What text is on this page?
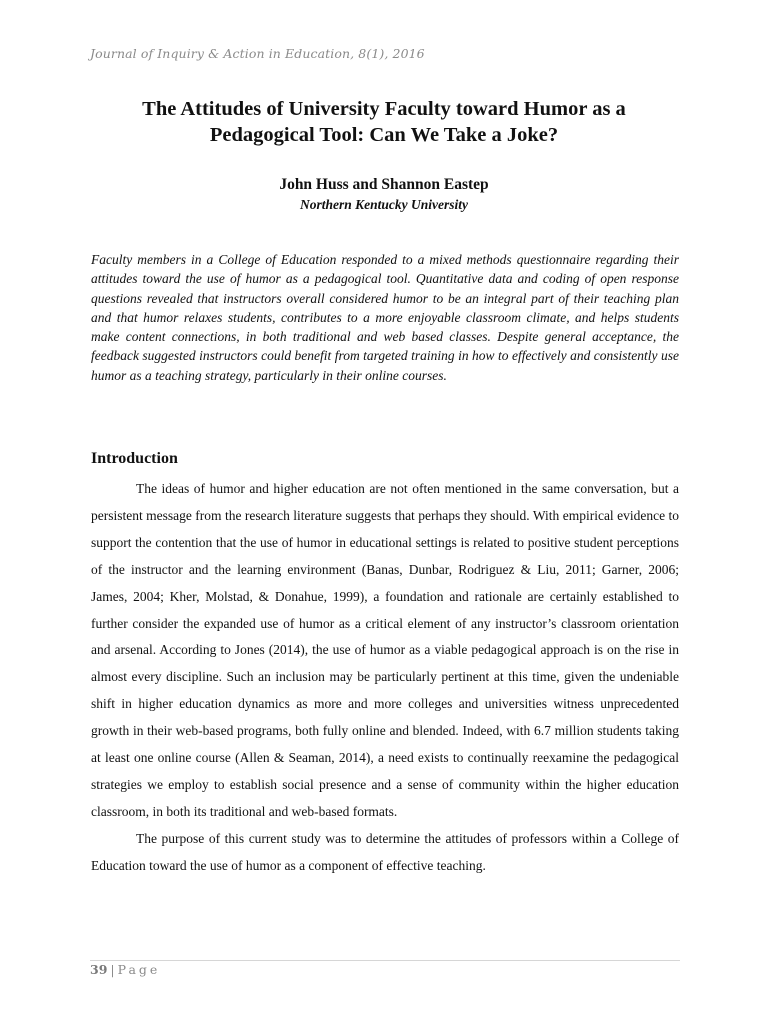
Journal of Inquiry & Action in Education, 8(1), 2016
The Attitudes of University Faculty toward Humor as a
Pedagogical Tool: Can We Take a Joke?
John Huss and Shannon Eastep
Northern Kentucky University

Faculty members in a College of Education responded to a mixed methods questionnaire regarding their attitudes toward the use of humor as a pedagogical tool. Quantitative data and coding of open response questions revealed that instructors overall considered humor to be an integral part of their teaching plan and that humor relaxes students, contributes to a more enjoyable classroom climate, and helps students make content connections, in both traditional and web based classes. Despite general acceptance, the feedback suggested instructors could benefit from targeted training in how to effectively and consistently use humor as a teaching strategy, particularly in their online courses.

Introduction

The ideas of humor and higher education are not often mentioned in the same conversation, but a persistent message from the research literature suggests that perhaps they should. With empirical evidence to support the contention that the use of humor in educational settings is related to positive student perceptions of the instructor and the learning environment (Banas, Dunbar, Rodriguez & Liu, 2011; Garner, 2006; James, 2004; Kher, Molstad, & Donahue, 1999), a foundation and rationale are certainly established to further consider the expanded use of humor as a critical element of any instructor’s classroom orientation and arsenal. According to Jones (2014), the use of humor as a viable pedagogical approach is on the rise in almost every discipline. Such an inclusion may be particularly pertinent at this time, given the undeniable shift in higher education dynamics as more and more colleges and universities witness unprecedented growth in their web-based programs, both fully online and blended. Indeed, with 6.7 million students taking at least one online course (Allen & Seaman, 2014), a need exists to continually reexamine the pedagogical strategies we employ to establish social presence and a sense of community within the higher education classroom, in both its traditional and web-based formats.

The purpose of this current study was to determine the attitudes of professors within a College of Education toward the use of humor as a component of effective teaching.

39 | Page
